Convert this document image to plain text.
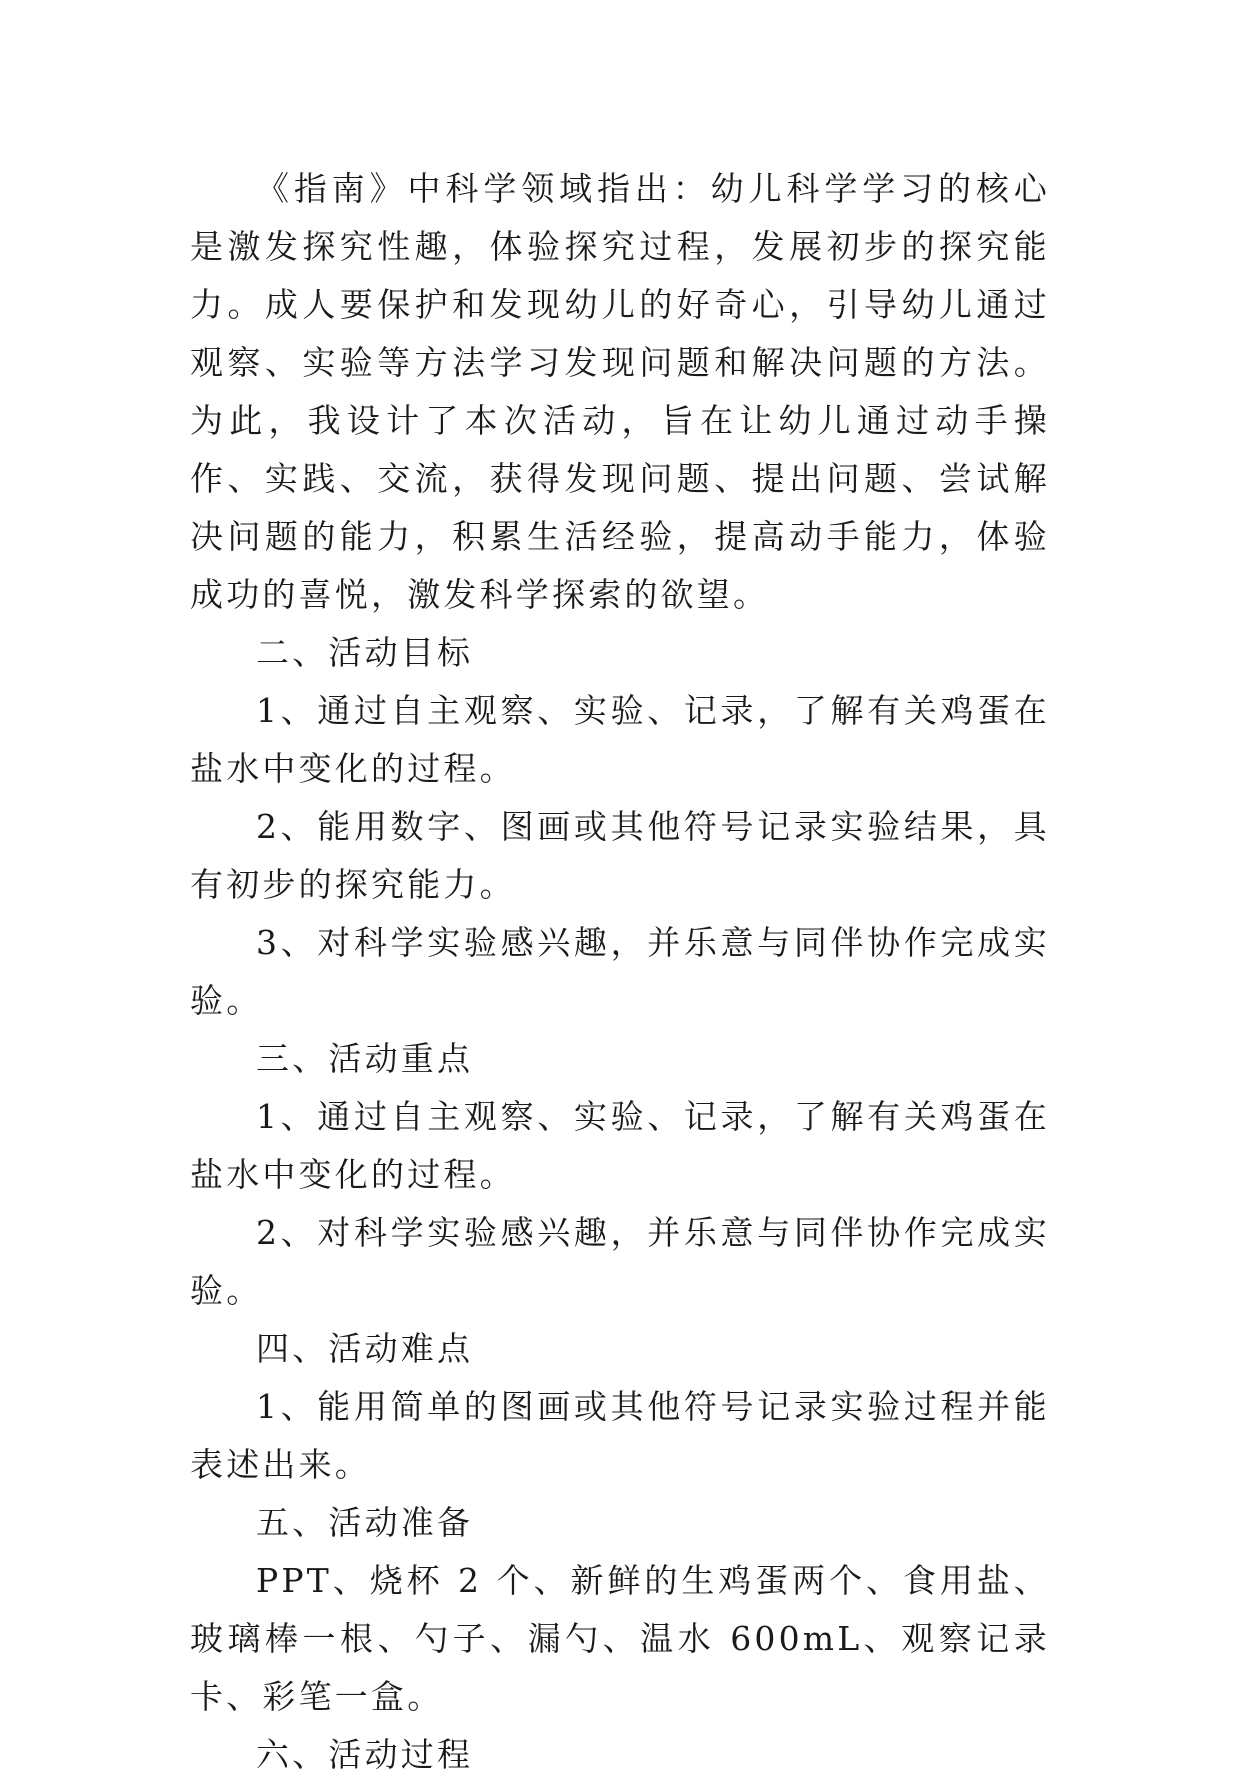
《指南》中科学领域指出：幼儿科学学习的核心是激发探究性趣，体验探究过程，发展初步的探究能力。成人要保护和发现幼儿的好奇心，引导幼儿通过观察、实验等方法学习发现问题和解决问题的方法。为此，我设计了本次活动，旨在让幼儿通过动手操作、实践、交流，获得发现问题、提出问题、尝试解决问题的能力，积累生活经验，提高动手能力，体验成功的喜悦，激发科学探索的欲望。

二、活动目标

1、通过自主观察、实验、记录，了解有关鸡蛋在盐水中变化的过程。

2、能用数字、图画或其他符号记录实验结果，具有初步的探究能力。

3、对科学实验感兴趣，并乐意与同伴协作完成实验。

三、活动重点

1、通过自主观察、实验、记录，了解有关鸡蛋在盐水中变化的过程。

2、对科学实验感兴趣，并乐意与同伴协作完成实验。

四、活动难点

1、能用简单的图画或其他符号记录实验过程并能表述出来。

五、活动准备

PPT、烧杯 2 个、新鲜的生鸡蛋两个、食用盐、玻璃棒一根、勺子、漏勺、温水 600mL、观察记录卡、彩笔一盒。

六、活动过程
